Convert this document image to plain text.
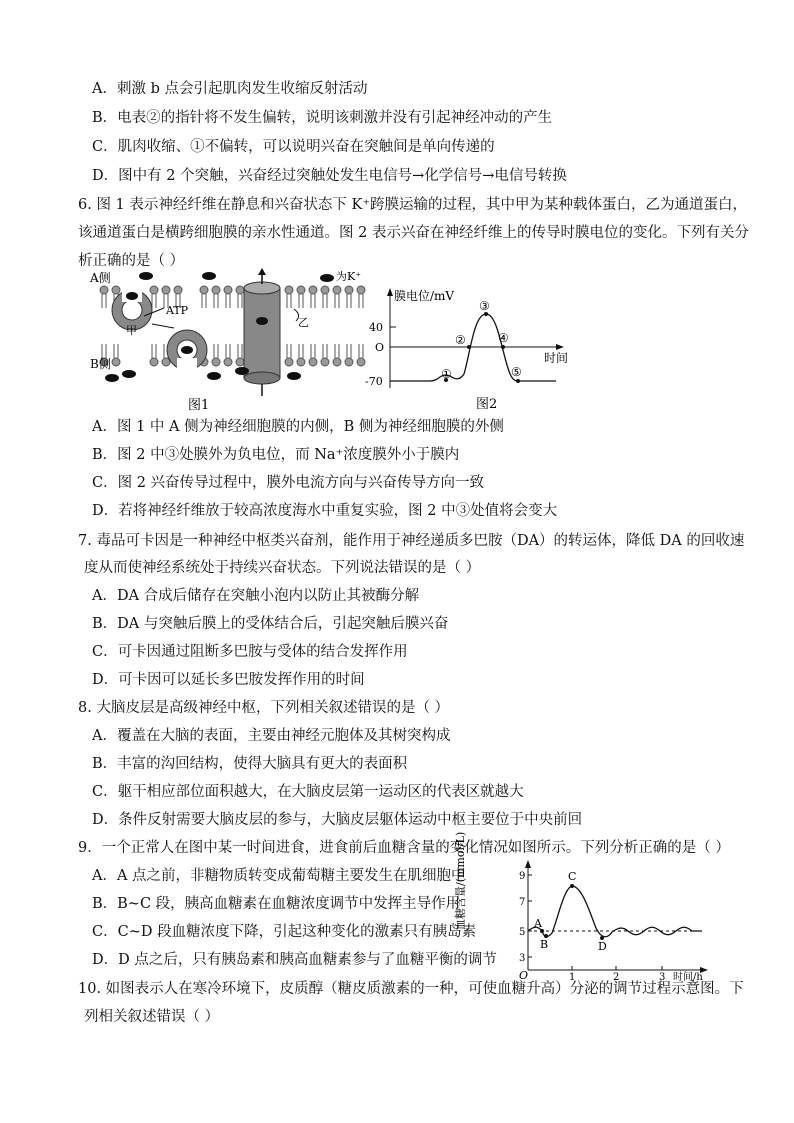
A．刺激 b 点会引起肌肉发生收缩反射活动
B．电表②的指针将不发生偏转，说明该刺激并没有引起神经冲动的产生
C．肌肉收缩、①不偏转，可以说明兴奋在突触间是单向传递的
D．图中有 2 个突触，兴奋经过突触处发生电信号→化学信号→电信号转换
6. 图 1 表示神经纤维在静息和兴奋状态下 K⁺跨膜运输的过程，其中甲为某种载体蛋白，乙为通道蛋白，
该通道蛋白是横跨细胞膜的亲水性通道。图 2 表示兴奋在神经纤维上的传导时膜电位的变化。下列有关分
析正确的是（ ）
A侧
B侧
ATP
甲
乙
为K⁺
图1
膜电位/mV
时间
40
O
-70
①
②
③
④
⑤
图2
A．图 1 中 A 侧为神经细胞膜的内侧，B 侧为神经细胞膜的外侧
B．图 2 中③处膜外为负电位，而 Na⁺浓度膜外小于膜内
C．图 2 兴奋传导过程中，膜外电流方向与兴奋传导方向一致
D．若将神经纤维放于较高浓度海水中重复实验，图 2 中③处值将会变大
7. 毒品可卡因是一种神经中枢类兴奋剂，能作用于神经递质多巴胺（DA）的转运体，降低 DA 的回收速
度从而使神经系统处于持续兴奋状态。下列说法错误的是（ ）
A．DA 合成后储存在突触小泡内以防止其被酶分解
B．DA 与突触后膜上的受体结合后，引起突触后膜兴奋
C．可卡因通过阻断多巴胺与受体的结合发挥作用
D．可卡因可以延长多巴胺发挥作用的时间
8. 大脑皮层是高级神经中枢，下列相关叙述错误的是（ ）
A．覆盖在大脑的表面，主要由神经元胞体及其树突构成
B．丰富的沟回结构，使得大脑具有更大的表面积
C．躯干相应部位面积越大，在大脑皮层第一运动区的代表区就越大
D．条件反射需要大脑皮层的参与，大脑皮层躯体运动中枢主要位于中央前回
9．一个正常人在图中某一时间进食，进食前后血糖含量的变化情况如图所示。下列分析正确的是（ ）
A．A 点之前，非糖物质转变成葡萄糖主要发生在肌细胞中
B．B~C 段，胰高血糖素在血糖浓度调节中发挥主导作用
C．C~D 段血糖浓度下降，引起这种变化的激素只有胰岛素
D．D 点之后，只有胰岛素和胰高血糖素参与了血糖平衡的调节
血糖含量/(mmol/L)	9
7
5
3
O	1	2	3 时间/h
A
B
C
D
10. 如图表示人在寒冷环境下，皮质醇（糖皮质激素的一种，可使血糖升高）分泌的调节过程示意图。下
列相关叙述错误（ ）
